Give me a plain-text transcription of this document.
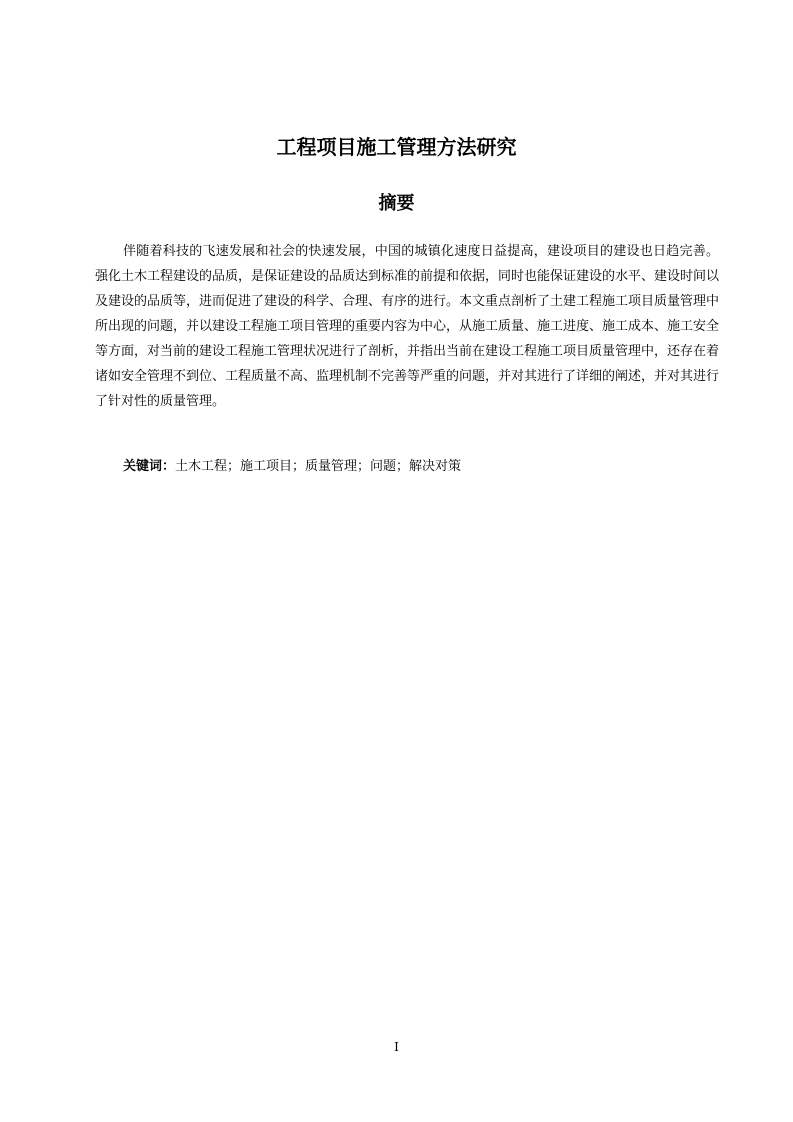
工程项目施工管理方法研究
摘要

伴随着科技的飞速发展和社会的快速发展，中国的城镇化速度日益提高，建设项目的建设也日趋完善。强化土木工程建设的品质，是保证建设的品质达到标准的前提和依据，同时也能保证建设的水平、建设时间以及建设的品质等，进而促进了建设的科学、合理、有序的进行。本文重点剖析了土建工程施工项目质量管理中所出现的问题，并以建设工程施工项目管理的重要内容为中心，从施工质量、施工进度、施工成本、施工安全等方面，对当前的建设工程施工管理状况进行了剖析，并指出当前在建设工程施工项目质量管理中，还存在着诸如安全管理不到位、工程质量不高、监理机制不完善等严重的问题，并对其进行了详细的阐述，并对其进行了针对性的质量管理。

关键词：土木工程；施工项目；质量管理；问题；解决对策

I
